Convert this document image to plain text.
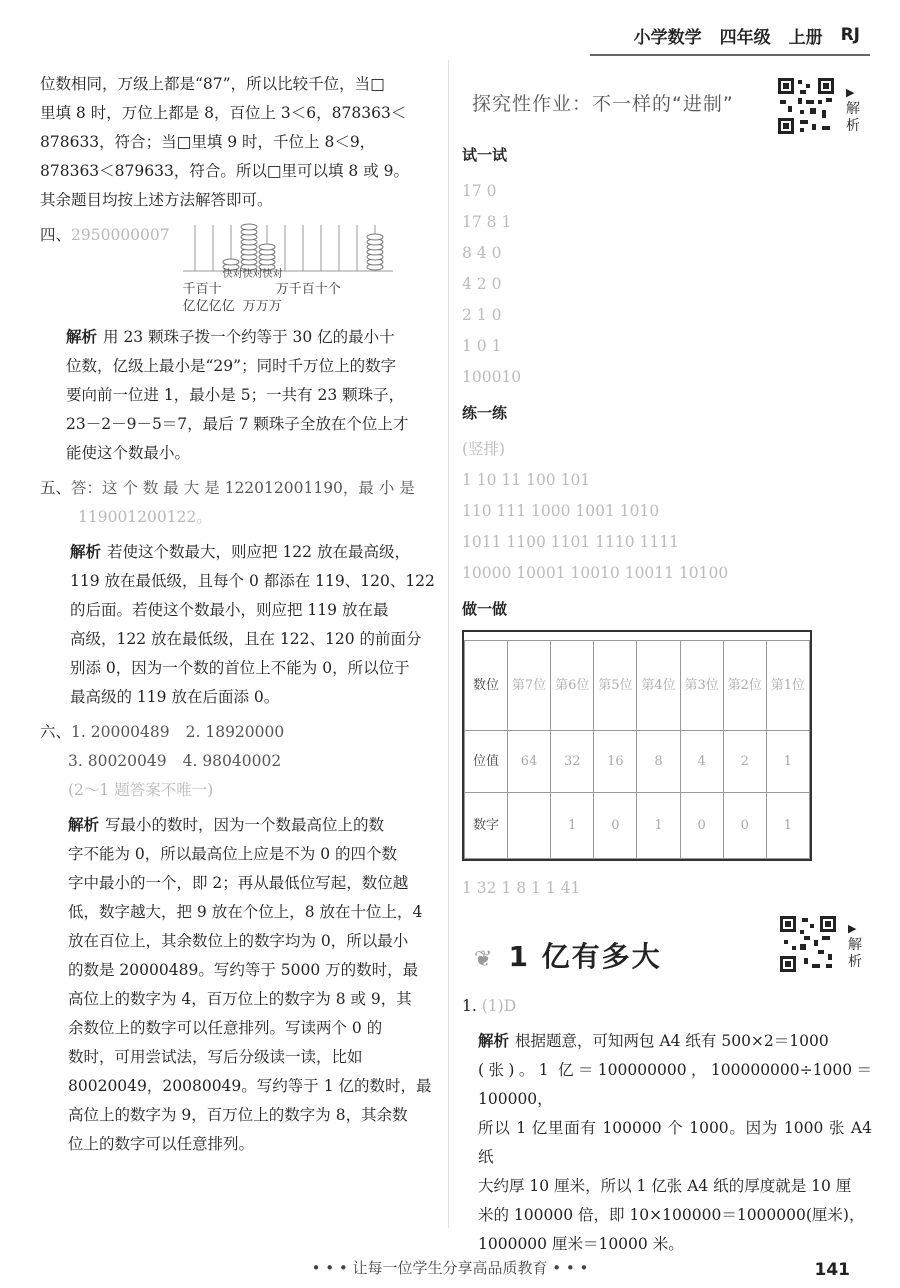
小学数学 四年级 上册 RJ
位数相同，万级上都是“87”，所以比较千位，当□
里填 8 时，万位上都是 8，百位上 3＜6，878363＜
878633，符合；当□里填 9 时，千位上 8＜9，
878363＜879633，符合。所以□里可以填 8 或 9。
其余题目均按上述方法解答即可。
四、2950000007
快对快对快对
千百十	万千百十个
亿亿亿亿 万万万
解析 用 23 颗珠子拨一个约等于 30 亿的最小十
位数，亿级上最小是“29”；同时千万位上的数字
要向前一位进 1，最小是 5；一共有 23 颗珠子，
23－2－9－5＝7，最后 7 颗珠子全放在个位上才
能使这个数最小。
五、答：这 个 数 最 大 是 122012001190，最 小 是
119001200122。
解析 若使这个数最大，则应把 122 放在最高级，
119 放在最低级，且每个 0 都添在 119、120、122
的后面。若使这个数最小，则应把 119 放在最
高级，122 放在最低级，且在 122、120 的前面分
别添 0，因为一个数的首位上不能为 0，所以位于
最高级的 119 放在后面添 0。
六、1. 20000489 2. 18920000
3. 80020049 4. 98040002
(2～1 题答案不唯一)
解析 写最小的数时，因为一个数最高位上的数
字不能为 0，所以最高位上应是不为 0 的四个数
字中最小的一个，即 2；再从最低位写起，数位越
低，数字越大，把 9 放在个位上，8 放在十位上，4
放在百位上，其余数位上的数字均为 0，所以最小
的数是 20000489。写约等于 5000 万的数时，最
高位上的数字为 4，百万位上的数字为 8 或 9，其
余数位上的数字可以任意排列。写读两个 0 的
数时，可用尝试法，写后分级读一读，比如
80020049，20080049。写约等于 1 亿的数时，最
高位上的数字为 9，百万位上的数字为 8，其余数
位上的数字可以任意排列。
探究性作业：不一样的“进制”
试一试
17 0
17 8 1
8 4 0
4 2 0
2 1 0
1 0 1
100010
练一练
(竖排)
1 10 11 100 101
110 111 1000 1001 1010
1011 1100 1101 1110 1111
10000 10001 10010 10011 10100
做一做
数位	第7位	第6位	第5位	第4位	第3位	第2位	第1位
位值	64	32	16	8	4	2	1
数字		1	0	1	0	0	1
1 32 1 8 1 1 41
❦ 1 亿有多大
1. (1)D
解析 根据题意，可知两包 A4 纸有 500×2＝1000
(张)。1 亿＝100000000，100000000÷1000＝100000，
所以 1 亿里面有 100000 个 1000。因为 1000 张 A4 纸
大约厚 10 厘米，所以 1 亿张 A4 纸的厚度就是 10 厘
米的 100000 倍，即 10×100000＝1000000(厘米)，
1000000 厘米＝10000 米。
▶
解析
▶
解析
• • • 让每一位学生分享高品质教育 • • •	141
